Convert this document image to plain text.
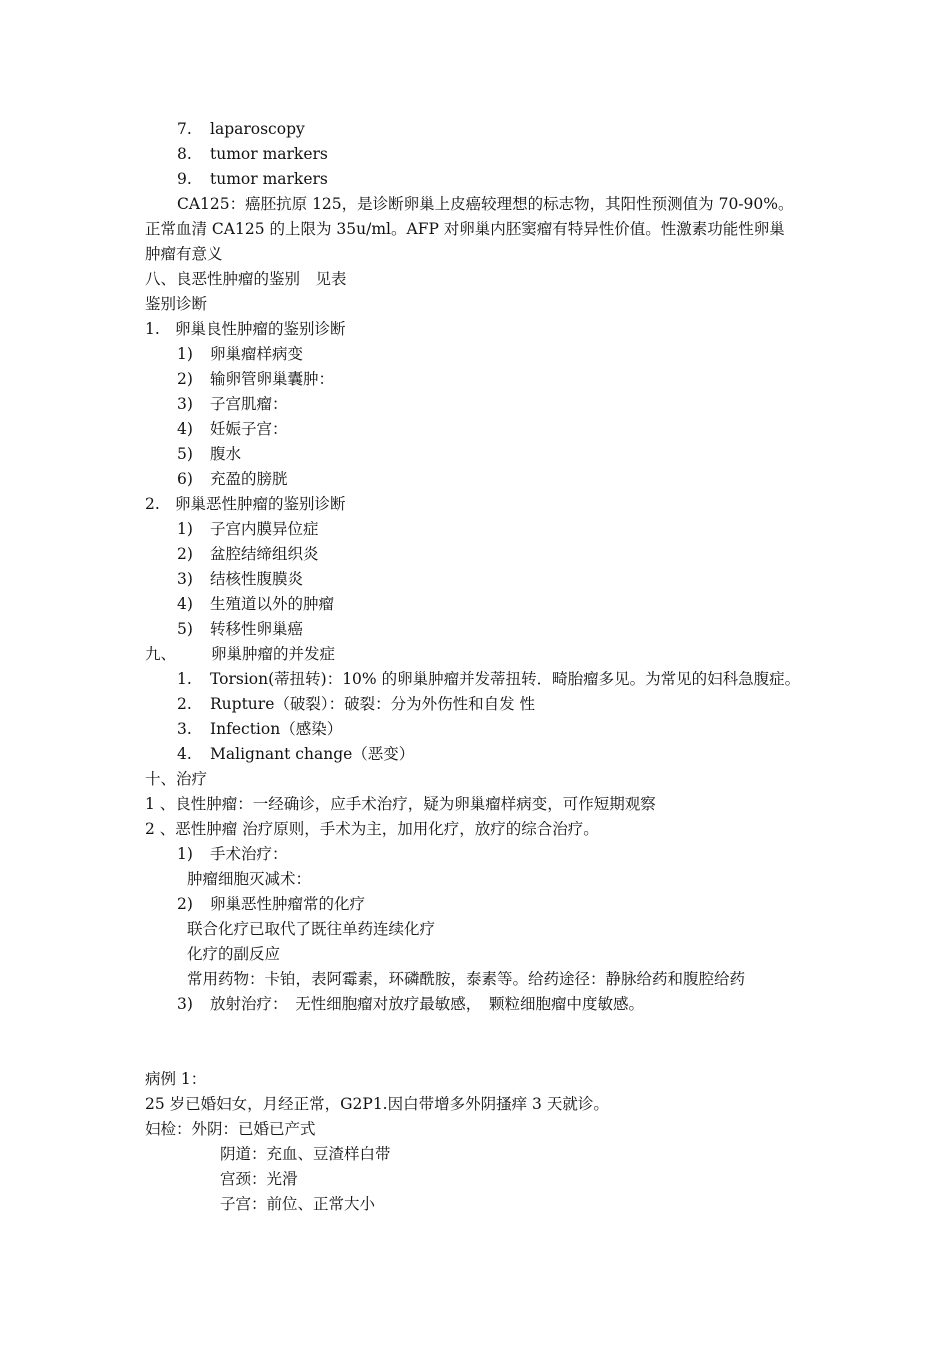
7. laparoscopy
8. tumor markers
9. tumor markers
CA125：癌胚抗原 125，是诊断卵巢上皮癌较理想的标志物，其阳性预测值为 70-90%。
正常血清 CA125 的上限为 35u/ml。AFP 对卵巢内胚窦瘤有特异性价值。性激素功能性卵巢
肿瘤有意义
八、良恶性肿瘤的鉴别　见表
鉴别诊断
1. 卵巢良性肿瘤的鉴别诊断
1) 卵巢瘤样病变
2) 输卵管卵巢囊肿：
3) 子宫肌瘤：
4) 妊娠子宫：
5) 腹水
6) 充盈的膀胱
2. 卵巢恶性肿瘤的鉴别诊断
1) 子宫内膜异位症
2) 盆腔结缔组织炎
3) 结核性腹膜炎
4) 生殖道以外的肿瘤
5) 转移性卵巢癌
九、 卵巢肿瘤的并发症
1. Torsion(蒂扭转)：10% 的卵巢肿瘤并发蒂扭转．畸胎瘤多见。为常见的妇科急腹症。
2. Rupture（破裂）：破裂：分为外伤性和自发 性
3. Infection（感染）
4. Malignant change（恶变）
十、治疗
1 、良性肿瘤：一经确诊，应手术治疗，疑为卵巢瘤样病变，可作短期观察
2 、恶性肿瘤 治疗原则，手术为主，加用化疗，放疗的综合治疗。
1) 手术治疗：
肿瘤细胞灭减术：
2) 卵巢恶性肿瘤常的化疗
联合化疗已取代了既往单药连续化疗
化疗的副反应
常用药物：卡铂，表阿霉素，环磷酰胺，泰素等。给药途径：静脉给药和腹腔给药
3) 放射治疗：　无性细胞瘤对放疗最敏感，　颗粒细胞瘤中度敏感。
病例 1：
25 岁已婚妇女，月经正常，G2P1.因白带增多外阴搔痒 3 天就诊。
妇检：外阴：已婚已产式
阴道：充血、豆渣样白带
宫颈：光滑
子宫：前位、正常大小
